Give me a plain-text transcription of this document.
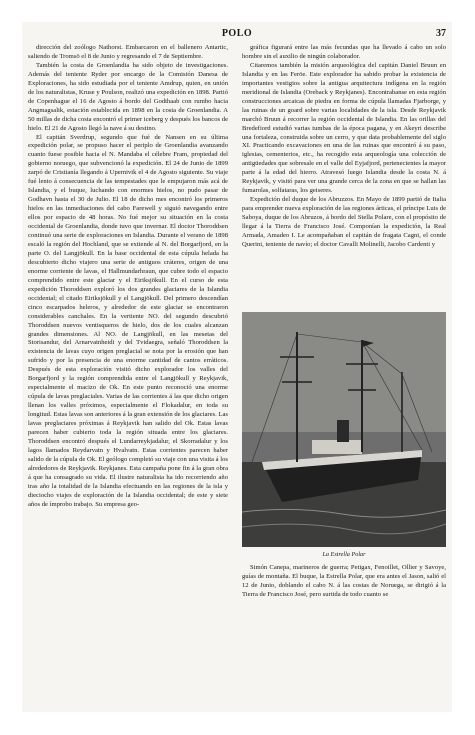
POLO	37

dirección del zoólogo Nathorst. Embarcaron en el ballenero Antartic, saliendo de Tromsö el 8 de Junio y regresando el 7 de Septiembre.

También la costa de Groenlandia ha sido objeto de investigaciones. Además del teniente Ryder por encargo de la Comisión Danesa de Exploraciones, ha sido estudiada por el teniente Amdrup, quien, en unión de los naturalistas, Kruse y Poulson, realizó una expedición en 1898. Partió de Copenhague el 16 de Agosto á bordo del Godthaab con rumbo hacia Angmagsalik, estación establecida en 1898 en la costa de Groenlandia. A 50 millas de dicha costa encontró el primer iceberg y después los bancos de hielo. El 21 de Agosto llegó la nave á su destino.

El capitán Sverdrup, segundo que fué de Nansen en su última expedición polar, se propuso hacer el periplo de Groenlandia avanzando cuanto fuese posible hacia el N. Mandaba el célebre Fram, propiedad del gobierno noruego, que subvencionó la expedición. El 24 de Junio de 1899 zarpó de Cristianía llegando á Upernivik el 4 de Agosto siguiente. Su viaje fué lento á consecuencia de las tempestades que le empujaron más acá de Islandia, y el buque, luchando con enormes hielos, no pudo pasar de Godhavn hasta el 30 de Julio. El 18 de dicho mes encontró los primeros hielos en las inmediaciones del cabo Farewell y siguió navegando entre ellos por espacio de 48 horas. No fué mejor su situación en la costa occidental de Groenlandia, donde tuvo que invernar. El doctor Thoroddsen continuó una serie de exploraciones en Islandia. Durante el verano de 1898 escaló la región del Hochland, que se extiende al N. del Borgarfjord, en la parte O. del Langjökull. En la base occidental de esta cúpula helada ha descubierto dicho viajero una serie de antiguos cráteres, origen de una enorme corriente de lavas, el Hallmundarhraun, que cubre todo el espacio comprendido entre este glaciar y el Eiriksjökull. En el curso de esta expedición Thoroddsen exploró los dos grandes glaciares de la Islandia occidental; el citado Eiriksjökull y el Langjökull. Del primero descendían cinco escarpados heleros, y alrededor de este glaciar se encontraron considerables canchales. En la vertiente NO. del segundo descubrió Thoroddsen nuevos ventisqueros de hielo, dos de los cuales alcanzan grandes dimensiones. Al NO. de Langjökull, en las mesetas del Storisandur, del Arnarvatnheidi y del Tvidaegra, señaló Thoroddsen la existencia de lavas cuyo origen preglacial se nota por la erosión que han sufrido y por la presencia de una enorme cantidad de cantos erráticos. Después de esta exploración visitó dicho explorador los valles del Borgarfjord y la región comprendida entre el Langjökull y Reykjavik, especialmente el macizo de Ok. En este punto reconoció una enorme cúpula de lavas preglaciales. Varias de las corrientes á las que dicho origen llenan los valles próximos, especialmente el Flokadalur, en toda su longitud. Estas lavas son anteriores á la gran extensión de los glaciares. Las lavas preglaciares próximas á Reykjavik han salido del Ok. Estas lavas parecen haber cubierto toda la región situada entre los glaciares. Thoroddsen encontró después el Lundarreykjadalur, el Skorradalur y los lagos llamados Reydarvatn y Hvalvatn. Estas corrientes parecen haber salido de la cúpula de Ok. El geólogo completó su viaje con una visita á los alrededores de Reykjavik. Reykjanes. Esta campaña pone fin á la gran obra á que ha consagrado su vida. El ilustre naturalista ha ido recorriendo año tras año la totalidad de la Islandia efectuando en las regiones de la isla y dieciocho viajes de exploración de la Islandia occidental; de este y siete años de ímprobo trabajo. Su empresa geo-

gráfica figurará entre las más fecundas que ha llevado á cabo un solo hombre sin el auxilio de ningún colaborador.

Citaremos también la misión arqueológica del capitán Daniel Bruun en Islandia y en las Feröe. Este explorador ha sabido probar la existencia de importantes vestigios sobre la antigua arquitectura indígena en la región meridional de Islandia (Oreback y Reykjanes). Encontrabanse en esta región construcciones arcaicas de piedra en forma de cúpula llamadas Fjarborge, y las ruinas de un goard sobre varias localidades de la isla. Desde Reykjavik marchó Bruun á recorrer la región occidental de Islandia. En las orillas del Bredefiord estudió varias tumbas de la época pagana, y en Akeyri describe una fortaleza, construida sobre un cerro, y que data probablemente del siglo XI. Practicando excavaciones en una de las ruinas que encontró á su paso, iglesias, cementerios, etc., ha recogido esta arqueología una colección de antigüedades que sobresale en el valle del Eyjafjord, pertenecientes la mayor parte á la edad del hierro. Atravesó luego Islandia desde la costa N. á Reykjavik, y visitó para ver una grande cerca de la zona en que se hallan las fumarolas, solfataras, los geiseres.

Expedición del duque de los Abruzzos. En Mayo de 1899 partió de Italia para emprender nueva exploración de las regiones árticas, el príncipe Luis de Saboya, duque de los Abruzos, á bordo del Stella Polare, con el propósito de llegar á la Tierra de Francisco José. Componían la expedición, la Real Armada, Amadeo I. Le acompañaban el capitán de fragata Cagni, el conde Querini, teniente de navío; el doctor Cavalli Molinelli, Jacobo Cardenti y

La Estrella Polar

Simón Canepa, marineros de guerra; Petigax, Fenoillet, Ollier y Savoye, guías de montaña. El buque, la Estrella Polar, que era antes el Jason, salió el 12 de Junio, doblando el cabo N. á las costas de Noruega, se dirigió á la Tierra de Francisco José, pero surtida de todo cuanto se
